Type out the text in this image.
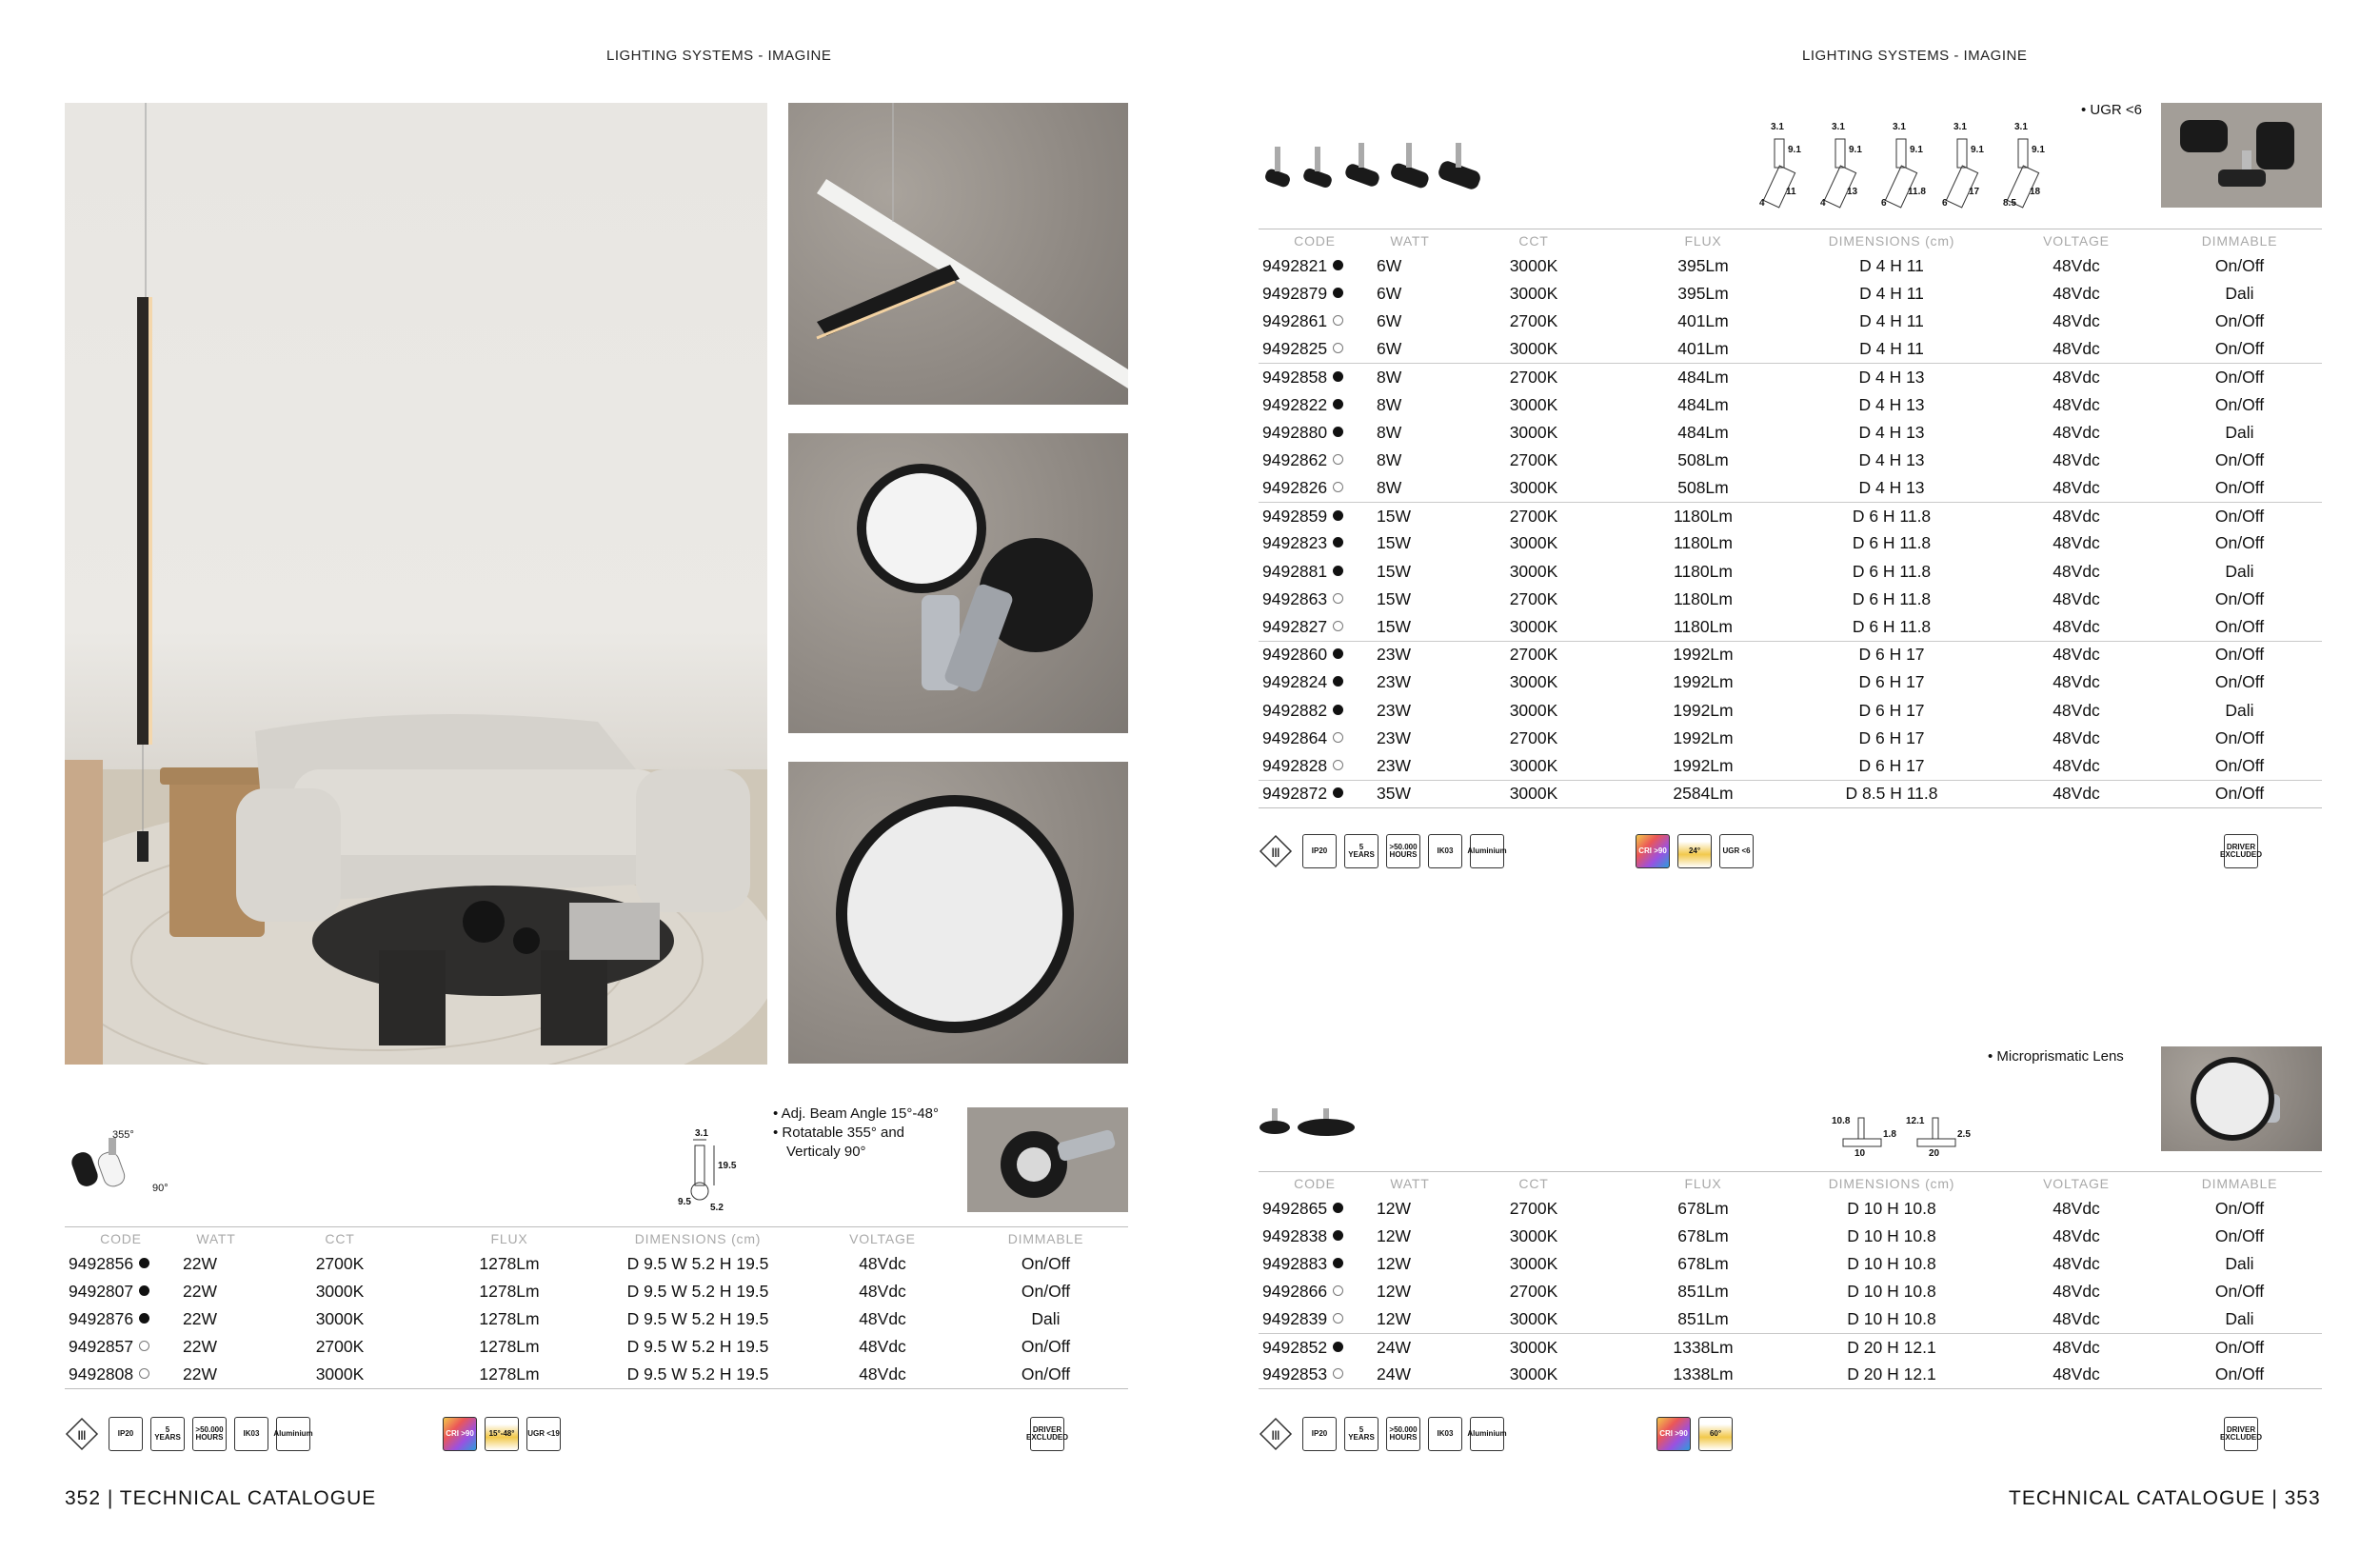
LIGHTING SYSTEMS - IMAGINE	LIGHTING SYSTEMS - IMAGINE
355°
90°
3.1
19.5
9.5
5.2
• Adj. Beam Angle 15°-48°
• Rotatable 355° and
Verticaly 90°
CODE	WATT	CCT	FLUX	DIMENSIONS (cm)	VOLTAGE	DIMMABLE
9492856	22W	2700K	1278Lm	D 9.5 W 5.2 H 19.5	48Vdc	On/Off
9492807	22W	3000K	1278Lm	D 9.5 W 5.2 H 19.5	48Vdc	On/Off
9492876	22W	3000K	1278Lm	D 9.5 W 5.2 H 19.5	48Vdc	Dali
9492857	22W	2700K	1278Lm	D 9.5 W 5.2 H 19.5	48Vdc	On/Off
9492808	22W	3000K	1278Lm	D 9.5 W 5.2 H 19.5	48Vdc	On/Off
|||	IP20	5 YEARS
>50.000 HOURS	IK03 Aluminium	CRI >90 15°-48° UGR <19	DRIVER EXCLUDED
3.1
9.1
4
11
3.1
9.1
4
13
3.1
9.1
6
11.8
3.1
9.1
6
17
3.1
9.1
8.5
18
• UGR <6
CODE	WATT	CCT	FLUX	DIMENSIONS (cm)	VOLTAGE	DIMMABLE
9492821	6W	3000K	395Lm	D 4 H 11	48Vdc	On/Off
9492879	6W	3000K	395Lm	D 4 H 11	48Vdc	Dali
9492861	6W	2700K	401Lm	D 4 H 11	48Vdc	On/Off
9492825	6W	3000K	401Lm	D 4 H 11	48Vdc	On/Off
9492858	8W	2700K	484Lm	D 4 H 13	48Vdc	On/Off
9492822	8W	3000K	484Lm	D 4 H 13	48Vdc	On/Off
9492880	8W	3000K	484Lm	D 4 H 13	48Vdc	Dali
9492862	8W	2700K	508Lm	D 4 H 13	48Vdc	On/Off
9492826	8W	3000K	508Lm	D 4 H 13	48Vdc	On/Off
9492859	15W	2700K	1180Lm	D 6 H 11.8	48Vdc	On/Off
9492823	15W	3000K	1180Lm	D 6 H 11.8	48Vdc	On/Off
9492881	15W	3000K	1180Lm	D 6 H 11.8	48Vdc	Dali
9492863	15W	2700K	1180Lm	D 6 H 11.8	48Vdc	On/Off
9492827	15W	3000K	1180Lm	D 6 H 11.8	48Vdc	On/Off
9492860	23W	2700K	1992Lm	D 6 H 17	48Vdc	On/Off
9492824	23W	3000K	1992Lm	D 6 H 17	48Vdc	On/Off
9492882	23W	3000K	1992Lm	D 6 H 17	48Vdc	Dali
9492864	23W	2700K	1992Lm	D 6 H 17	48Vdc	On/Off
9492828	23W	3000K	1992Lm	D 6 H 17	48Vdc	On/Off
9492872	35W	3000K	2584Lm	D 8.5 H 11.8	48Vdc	On/Off
|||	IP20	5 YEARS
>50.000 HOURS	IK03 Aluminium	CRI >90	24°	UGR <6	DRIVER EXCLUDED
10.8
10
1.8
12.1
20
2.5
• Microprismatic Lens
CODE	WATT	CCT	FLUX	DIMENSIONS (cm)	VOLTAGE	DIMMABLE
9492865	12W	2700K	678Lm	D 10 H 10.8	48Vdc	On/Off
9492838	12W	3000K	678Lm	D 10 H 10.8	48Vdc	On/Off
9492883	12W	3000K	678Lm	D 10 H 10.8	48Vdc	Dali
9492866	12W	2700K	851Lm	D 10 H 10.8	48Vdc	On/Off
9492839	12W	3000K	851Lm	D 10 H 10.8	48Vdc	Dali
9492852	24W	3000K	1338Lm	D 20 H 12.1	48Vdc	On/Off
9492853	24W	3000K	1338Lm	D 20 H 12.1	48Vdc	On/Off
|||	IP20	5 YEARS
>50.000 HOURS	IK03 Aluminium	CRI >90	60°	DRIVER EXCLUDED
352 | TECHNICAL CATALOGUE	TECHNICAL CATALOGUE | 353
